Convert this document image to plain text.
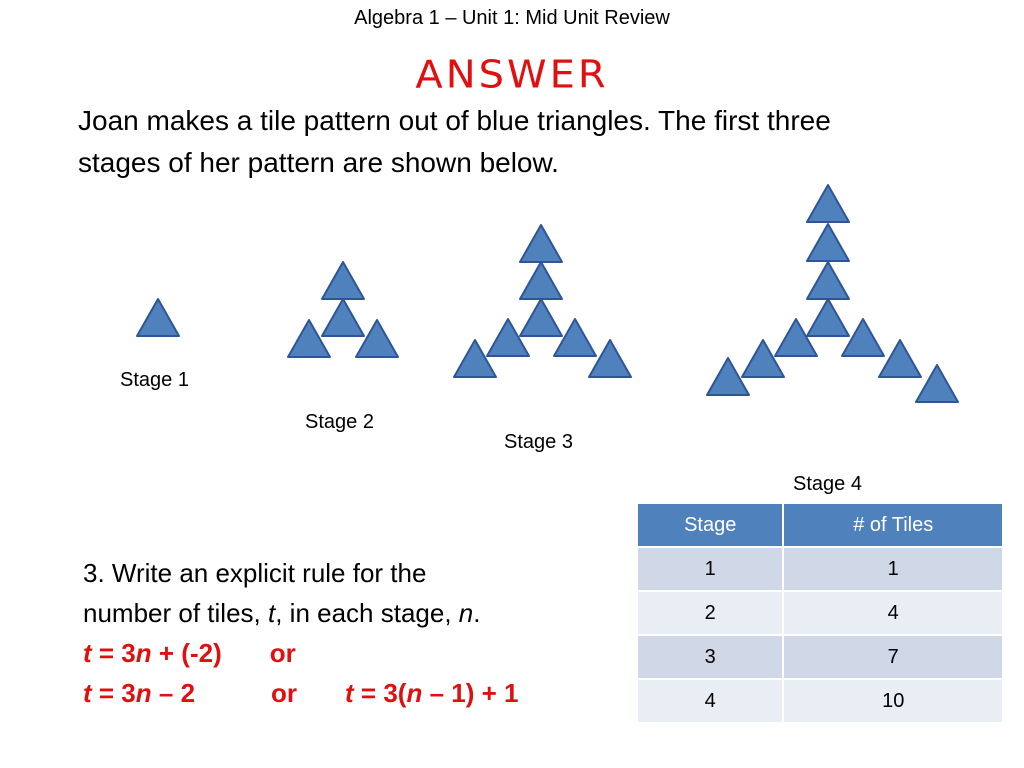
Algebra 1 – Unit 1: Mid Unit Review
ANSWER
Joan makes a tile pattern out of blue triangles. The first three
stages of her pattern are shown below.
Stage 1
Stage 2
Stage 3
Stage 4
3. Write an explicit rule for the
number of tiles, t, in each stage, n.
t = 3n + (-2) or
t = 3n – 2	or t = 3(n – 1) + 1
Stage	# of Tiles
1	1
2	4
3	7
4	10
